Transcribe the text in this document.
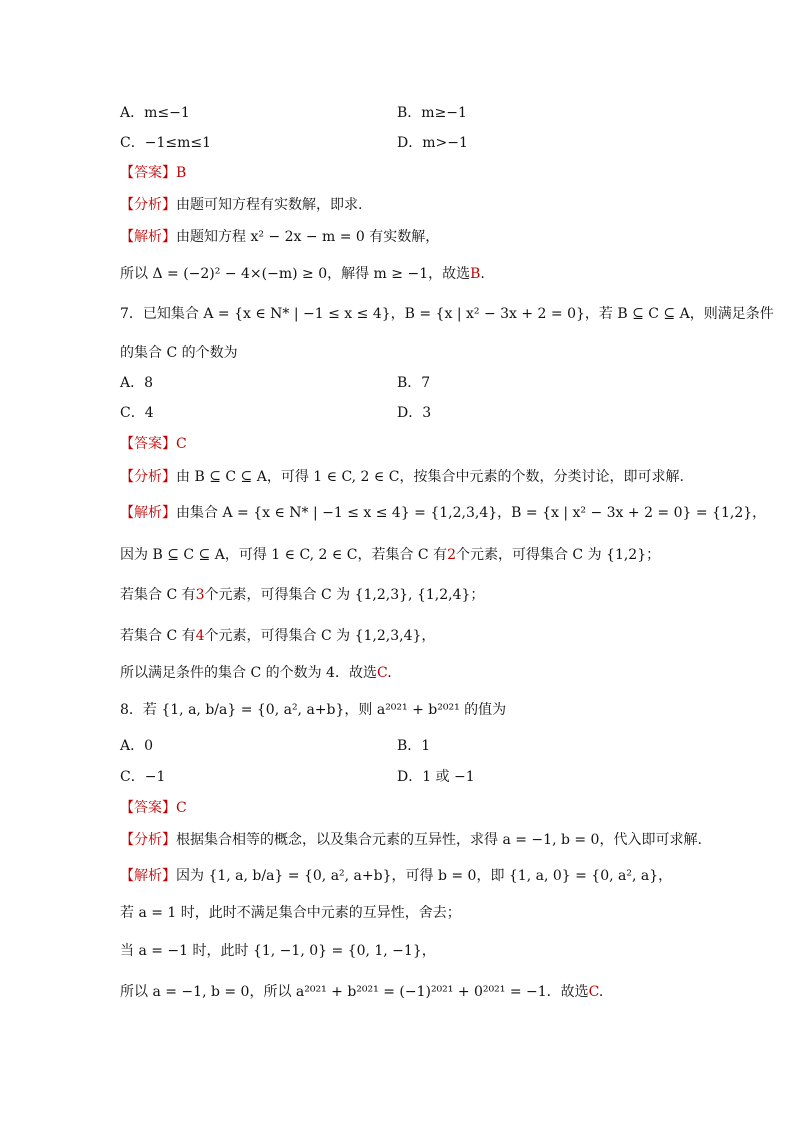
A．m≤−1	B．m≥−1
C．−1≤m≤1	D．m>−1
【答案】B
【分析】由题可知方程有实数解，即求.
【解析】由题知方程 x² − 2x − m = 0 有实数解，
所以 Δ = (−2)² − 4×(−m) ≥ 0，解得 m ≥ −1，故选B.
7．已知集合 A = {x ∈ N* | −1 ≤ x ≤ 4}，B = {x | x² − 3x + 2 = 0}，若 B ⊆ C ⊆ A，则满足条件
的集合 C 的个数为
A．8	B．7
C．4	D．3
【答案】C
【分析】由 B ⊆ C ⊆ A，可得 1 ∈ C, 2 ∈ C，按集合中元素的个数，分类讨论，即可求解.
【解析】由集合 A = {x ∈ N* | −1 ≤ x ≤ 4} = {1,2,3,4}，B = {x | x² − 3x + 2 = 0} = {1,2}，
因为 B ⊆ C ⊆ A，可得 1 ∈ C, 2 ∈ C，若集合 C 有2个元素，可得集合 C 为 {1,2}；
若集合 C 有3个元素，可得集合 C 为 {1,2,3}, {1,2,4}；
若集合 C 有4个元素，可得集合 C 为 {1,2,3,4}，
所以满足条件的集合 C 的个数为 4．故选C.
8．若 {1, a, b/a} = {0, a², a+b}，则 a²⁰²¹ + b²⁰²¹ 的值为
A．0	B．1
C．−1	D．1 或 −1
【答案】C
【分析】根据集合相等的概念，以及集合元素的互异性，求得 a = −1, b = 0，代入即可求解.
【解析】因为 {1, a, b/a} = {0, a², a+b}，可得 b = 0，即 {1, a, 0} = {0, a², a}，
若 a = 1 时，此时不满足集合中元素的互异性，舍去；
当 a = −1 时，此时 {1, −1, 0} = {0, 1, −1}，
所以 a = −1, b = 0，所以 a²⁰²¹ + b²⁰²¹ = (−1)²⁰²¹ + 0²⁰²¹ = −1．故选C.
